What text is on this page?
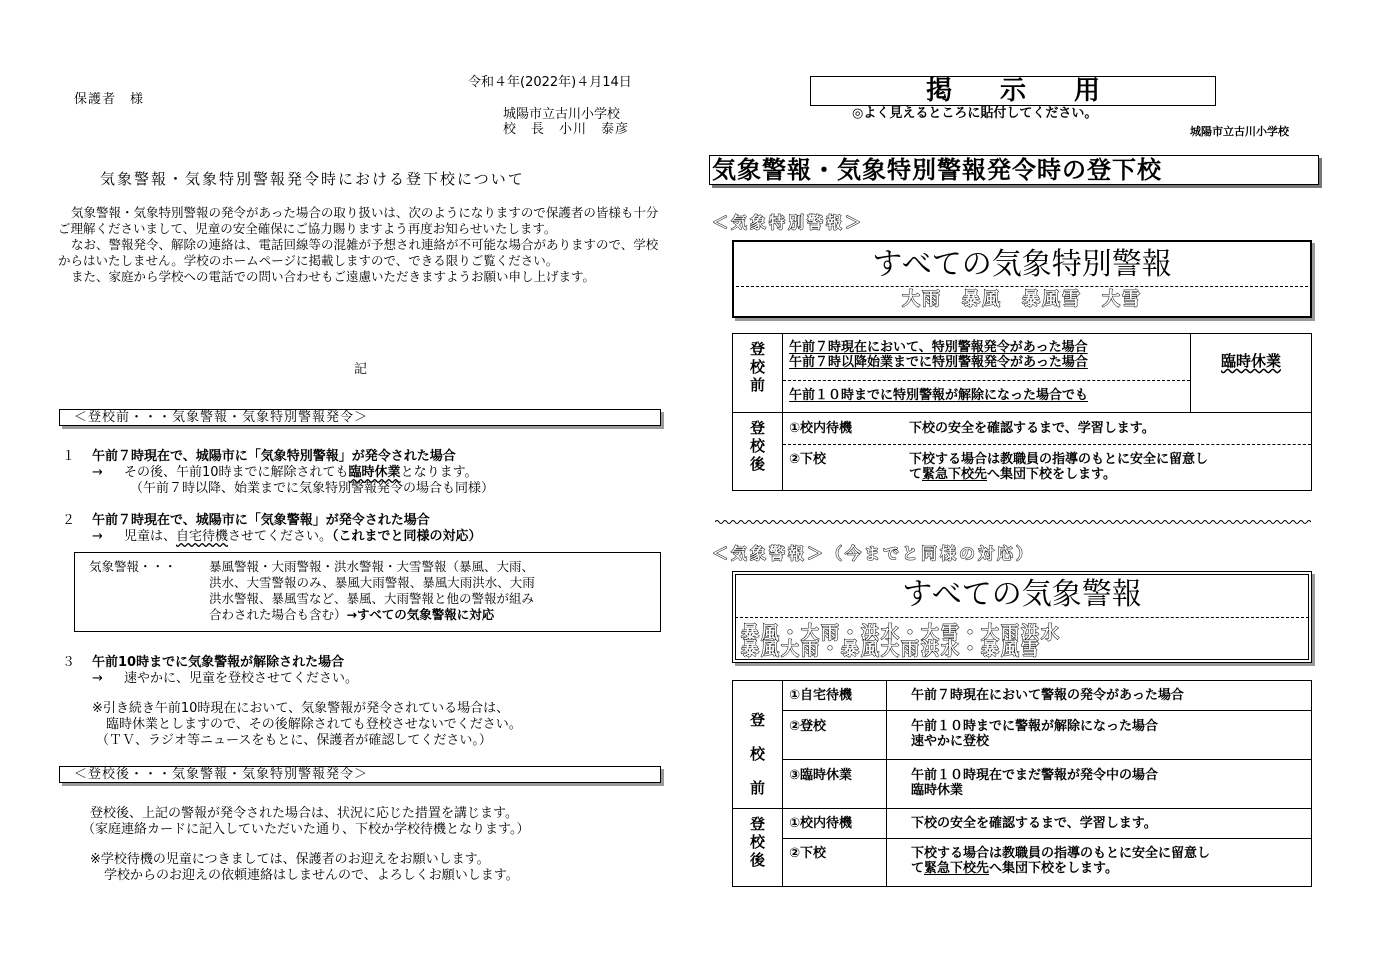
保護者　様
令和４年(2022年)４月14日
城陽市立古川小学校
校　長　小川　泰彦
気象警報・気象特別警報発令時における登下校について

気象警報・気象特別警報の発令があった場合の取り扱いは、次のようになりますので保護者の皆様も十分ご理解くださいまして、児童の安全確保にご協力賜りますよう再度お知らせいたします。

なお、警報発令、解除の連絡は、電話回線等の混雑が予想され連絡が不可能な場合がありますので、学校からはいたしません。学校のホームページに掲載しますので、できる限りご覧ください。

また、家庭から学校への電話での問い合わせもご遠慮いただきますようお願い申し上げます。

記
＜登校前・・・気象警報・気象特別警報発令＞
１ 午前７時現在で、城陽市に「気象特別警報」が発令された場合
→ その後、午前10時までに解除されても臨時休業となります。
（午前７時以降、始業までに気象特別警報発令の場合も同様）
２ 午前７時現在で、城陽市に「気象警報」が発令された場合
→ 児童は、自宅待機させてください。（これまでと同様の対応）
気象警報・・・	暴風警報・大雨警報・洪水警報・大雪警報（暴風、大雨、
洪水、大雪警報のみ、暴風大雨警報、暴風大雨洪水、大雨
洪水警報、暴風雪など、暴風、大雨警報と他の警報が組み
合わされた場合も含む）→すべての気象警報に対応
３ 午前10時までに気象警報が解除された場合
→ 速やかに、児童を登校させてください。
※引き続き午前10時現在において、気象警報が発令されている場合は、
臨時休業としますので、その後解除されても登校させないでください。
（ＴＶ、ラジオ等ニュースをもとに、保護者が確認してください。）
＜登校後・・・気象警報・気象特別警報発令＞
登校後、上記の警報が発令された場合は、状況に応じた措置を講じます。
（家庭連絡カードに記入していただいた通り、下校か学校待機となります。）
※学校待機の児童につきましては、保護者のお迎えをお願いします。
学校からのお迎えの依頼連絡はしませんので、よろしくお願いします。
掲示用
◎よく見えるところに貼付してください。
城陽市立古川小学校
気象警報・気象特別警報発令時の登下校
＜気象特別警報＞
すべての気象特別警報
大雨　暴風　暴風雪　大雪
登校前	午前７時現在において、特別警報発令があった場合
午前７時以降始業までに特別警報発令があった場合	臨時休業
	午前１０時までに特別警報が解除になった場合でも	
登校後	①校内待機 下校の安全を確認するまで、学習します。	

	②下校 下校する場合は教職員の指導のもとに安全に留意し
て緊急下校先へ集団下校をします。	
＜気象警報＞（今までと同様の対応）
すべての気象警報
暴風・大雨・洪水・大雪・大雨洪水
暴風大雨・暴風大雨洪水・暴風雪
登校前	①自宅待機	午前７時現在において警報の発令があった場合
	②登校	午前１０時までに警報が解除になった場合
速やかに登校

	③臨時休業	午前１０時現在でまだ警報が発令中の場合
臨時休業

登校後	①校内待機	下校の安全を確認するまで、学習します。
	②下校	下校する場合は教職員の指導のもとに安全に留意し
て緊急下校先へ集団下校をします。
